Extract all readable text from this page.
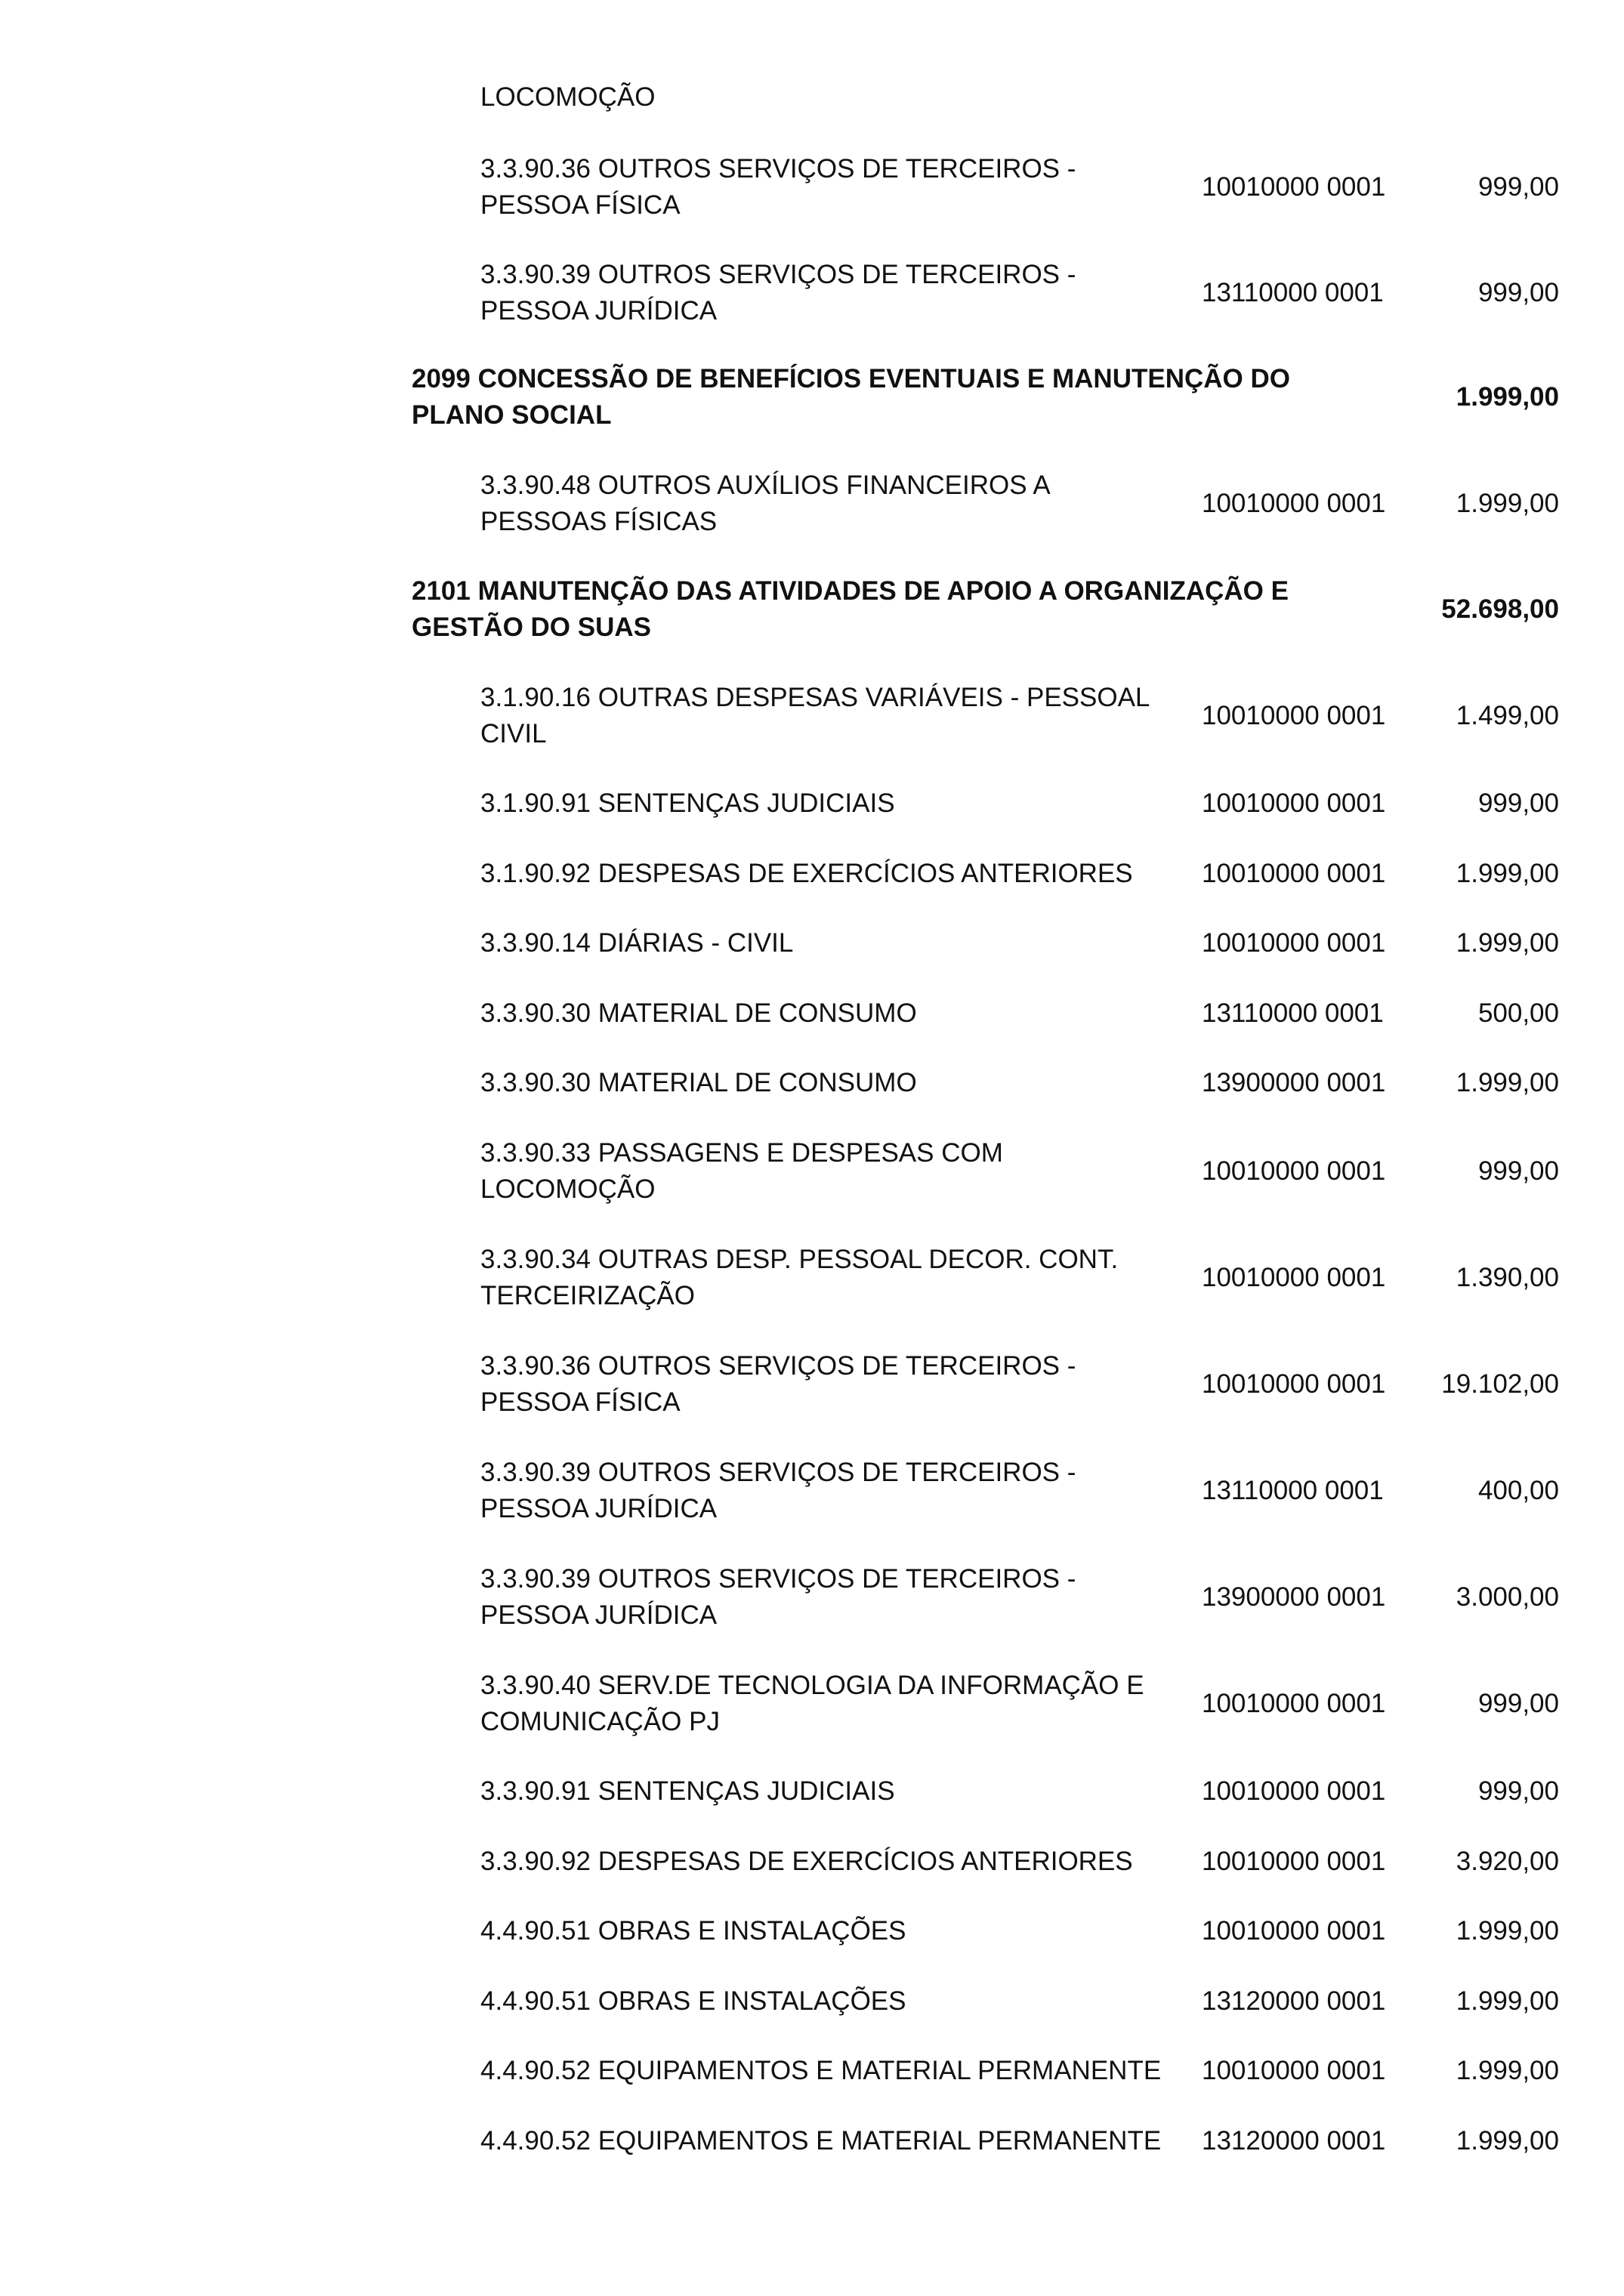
LOCOMOÇÃO
3.3.90.36 OUTROS SERVIÇOS DE TERCEIROS -
PESSOA FÍSICA
10010000 0001	999,00
3.3.90.39 OUTROS SERVIÇOS DE TERCEIROS -
PESSOA JURÍDICA
13110000 0001	999,00
2099 CONCESSÃO DE BENEFÍCIOS EVENTUAIS E MANUTENÇÃO DO
PLANO SOCIAL
1.999,00
3.3.90.48 OUTROS AUXÍLIOS FINANCEIROS A
PESSOAS FÍSICAS
10010000 0001	1.999,00
2101 MANUTENÇÃO DAS ATIVIDADES DE APOIO A ORGANIZAÇÃO E
GESTÃO DO SUAS
52.698,00
3.1.90.16 OUTRAS DESPESAS VARIÁVEIS - PESSOAL
CIVIL
10010000 0001	1.499,00
3.1.90.91 SENTENÇAS JUDICIAIS	10010000 0001	999,00
3.1.90.92 DESPESAS DE EXERCÍCIOS ANTERIORES	10010000 0001	1.999,00
3.3.90.14 DIÁRIAS - CIVIL	10010000 0001	1.999,00
3.3.90.30 MATERIAL DE CONSUMO	13110000 0001	500,00
3.3.90.30 MATERIAL DE CONSUMO	13900000 0001	1.999,00
3.3.90.33 PASSAGENS E DESPESAS COM
LOCOMOÇÃO
10010000 0001	999,00
3.3.90.34 OUTRAS DESP. PESSOAL DECOR. CONT.
TERCEIRIZAÇÃO
10010000 0001	1.390,00
3.3.90.36 OUTROS SERVIÇOS DE TERCEIROS -
PESSOA FÍSICA
10010000 0001	19.102,00
3.3.90.39 OUTROS SERVIÇOS DE TERCEIROS -
PESSOA JURÍDICA
13110000 0001	400,00
3.3.90.39 OUTROS SERVIÇOS DE TERCEIROS -
PESSOA JURÍDICA
13900000 0001	3.000,00
3.3.90.40 SERV.DE TECNOLOGIA DA INFORMAÇÃO E
COMUNICAÇÃO PJ
10010000 0001	999,00
3.3.90.91 SENTENÇAS JUDICIAIS	10010000 0001	999,00
3.3.90.92 DESPESAS DE EXERCÍCIOS ANTERIORES	10010000 0001	3.920,00
4.4.90.51 OBRAS E INSTALAÇÕES	10010000 0001	1.999,00
4.4.90.51 OBRAS E INSTALAÇÕES	13120000 0001	1.999,00
4.4.90.52 EQUIPAMENTOS E MATERIAL PERMANENTE	10010000 0001	1.999,00
4.4.90.52 EQUIPAMENTOS E MATERIAL PERMANENTE	13120000 0001	1.999,00
